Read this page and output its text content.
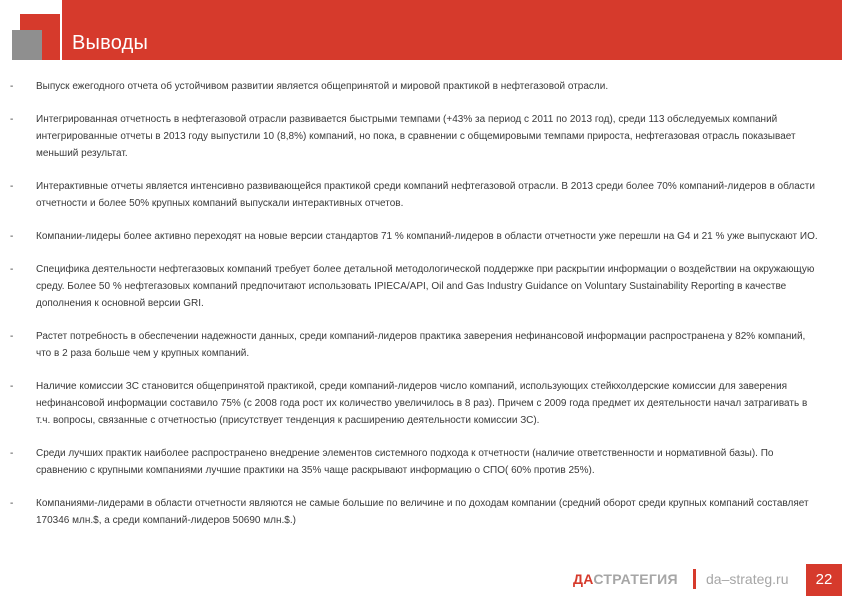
Выводы
- Выпуск ежегодного отчета об устойчивом развитии является общепринятой и мировой практикой в нефтегазовой отрасли.
- Интегрированная отчетность в нефтегазовой отрасли развивается быстрыми темпами (+43% за период с 2011 по 2013 год), среди 113 обследуемых компаний интегрированные отчеты в 2013 году выпустили 10 (8,8%) компаний, но пока, в сравнении с общемировыми темпами прироста, нефтегазовая отрасль показывает меньший результат.
- Интерактивные отчеты является интенсивно развивающейся практикой среди компаний нефтегазовой отрасли. В 2013 среди более 70% компаний-лидеров в области отчетности и более 50% крупных компаний выпускали интерактивных отчетов.
- Компании-лидеры более активно переходят на новые версии стандартов 71 % компаний-лидеров в области отчетности уже перешли на G4 и 21 % уже выпускают ИО.
- Специфика деятельности нефтегазовых компаний требует более детальной методологической поддержке при раскрытии информации о воздействии на окружающую среду. Более 50 % нефтегазовых компаний предпочитают использовать IPIECA/API, Oil and Gas Industry Guidance on Voluntary Sustainability Reporting в качестве дополнения к основной версии GRI.
- Растет потребность в обеспечении надежности данных, среди компаний-лидеров практика заверения нефинансовой информации распространена у 82% компаний, что в 2 раза больше чем у крупных компаний.
- Наличие комиссии ЗС становится общепринятой практикой, среди компаний-лидеров число компаний, использующих стейкхолдерские комиссии для заверения нефинансовой информации составило 75% (с 2008 года рост их количество увеличилось в 8 раз). Причем с 2009 года предмет их деятельности начал затрагивать в т.ч. вопросы, связанные с отчетностью (присутствует тенденция к расширению деятельности комиссии ЗС).
- Среди лучших практик наиболее распространено внедрение элементов системного подхода к отчетности (наличие ответственности и нормативной базы). По сравнению с крупными компаниями лучшие практики на 35% чаще раскрывают информацию о СПО( 60% против 25%).
- Компаниями-лидерами в области отчетности являются не самые большие по величине и по доходам компании (средний оборот среди крупных компаний составляет 170346 млн.$, а среди компаний-лидеров 50690 млн.$.)
ДАСТРАТЕГИЯ da–strateg.ru	22
